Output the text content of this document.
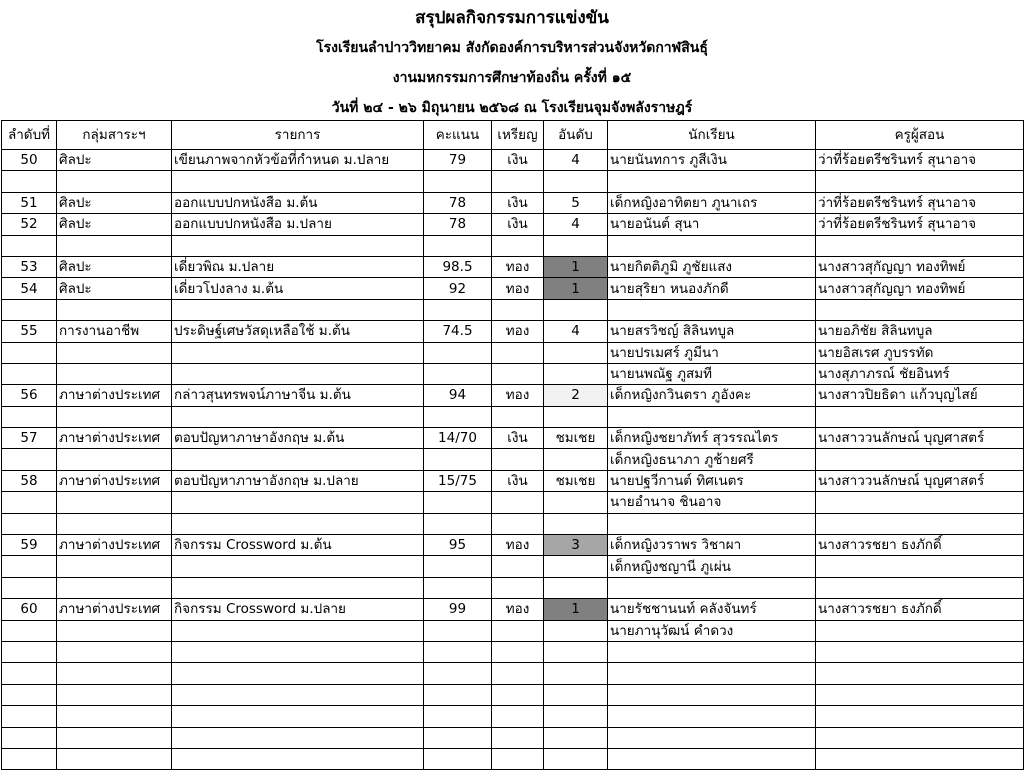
สรุปผลกิจกรรมการแข่งขัน
โรงเรียนลำปาววิทยาคม สังกัดองค์การบริหารส่วนจังหวัดกาฬสินธุ์
งานมหกรรมการศึกษาท้องถิ่น ครั้งที่ ๑๕
วันที่ ๒๔ - ๒๖ มิถุนายน ๒๕๖๘ ณ โรงเรียนจุมจังพลังราษฎร์
ลำดับที่	กลุ่มสาระฯ	รายการ	คะแนน	เหรียญ	อันดับ	นักเรียน	ครูผู้สอน
50	ศิลปะ	เขียนภาพจากหัวข้อที่กำหนด ม.ปลาย	79	เงิน	4	นายนันทการ ภูสีเงิน	ว่าที่ร้อยตรีชรินทร์ สุนาอาจ

51	ศิลปะ	ออกแบบปกหนังสือ ม.ต้น	78	เงิน	5	เด็กหญิงอาทิตยา ภูนาเถร	ว่าที่ร้อยตรีชรินทร์ สุนาอาจ
52	ศิลปะ	ออกแบบปกหนังสือ ม.ปลาย	78	เงิน	4	นายอนันต์ สุนา	ว่าที่ร้อยตรีชรินทร์ สุนาอาจ

53	ศิลปะ	เดี่ยวพิณ ม.ปลาย	98.5	ทอง	1	นายกิตติภูมิ ภูชัยแสง	นางสาวสุกัญญา ทองทิพย์
54	ศิลปะ	เดี่ยวโปงลาง ม.ต้น	92	ทอง	1	นายสุริยา หนองภักดี	นางสาวสุกัญญา ทองทิพย์

55	การงานอาชีพ	ประดิษฐ์เศษวัสดุเหลือใช้ ม.ต้น	74.5	ทอง	4	นายสรวิชญ์ สิลินทบูล	นายอภิชัย สิลินทบูล
						นายปรเมศร์ ภูมีนา	นายอิสเรศ ภูบรรทัด
						นายนพณัฐ ภูสมที	นางสุภาภรณ์ ชัยอินทร์
56	ภาษาต่างประเทศ	กล่าวสุนทรพจน์ภาษาจีน ม.ต้น	94	ทอง	2	เด็กหญิงกวินตรา ภูอังคะ	นางสาวปิยธิดา แก้วบุญไสย์

57	ภาษาต่างประเทศ	ตอบปัญหาภาษาอังกฤษ ม.ต้น	14/70	เงิน	ชมเชย	เด็กหญิงชยาภัทร์ สุวรรณไตร	นางสาววนลักษณ์ บุญศาสตร์
						เด็กหญิงธนาภา ภูช้ายศรี	
58	ภาษาต่างประเทศ	ตอบปัญหาภาษาอังกฤษ ม.ปลาย	15/75	เงิน	ชมเชย	นายปฐวีกานต์ ทิศเนตร	นางสาววนลักษณ์ บุญศาสตร์
						นายอำนาจ ชินอาจ	

59	ภาษาต่างประเทศ	กิจกรรม Crossword ม.ต้น	95	ทอง	3	เด็กหญิงวราพร วิชาผา	นางสาวรชยา ธงภักดิ์
						เด็กหญิงชญานี ภูเผ่น	

60	ภาษาต่างประเทศ	กิจกรรม Crossword ม.ปลาย	99	ทอง	1	นายรัชชานนท์ คลังจันทร์	นางสาวรชยา ธงภักดิ์
						นายภานุวัฒน์ คำดวง	
